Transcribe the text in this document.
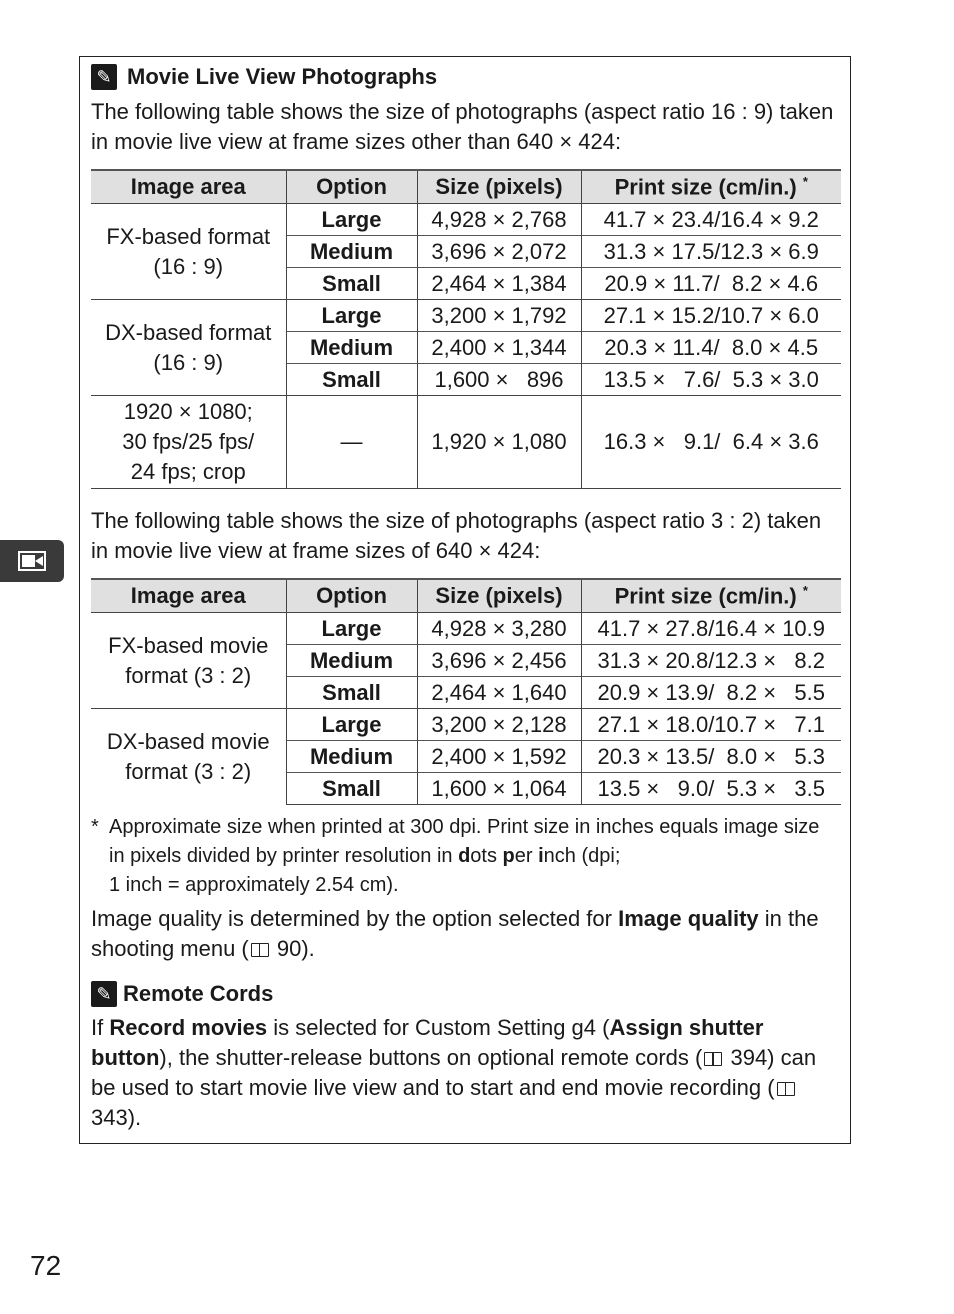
✎ Movie Live View Photographs

The following table shows the size of photographs (aspect ratio 16 : 9) taken in movie live view at frame sizes other than 640 × 424:

Image area	Option	Size (pixels)	Print size (cm/in.) *
FX-based format (16 : 9)	Large	4,928 × 2,768	41.7 × 23.4/16.4 × 9.2
	Medium	3,696 × 2,072	31.3 × 17.5/12.3 × 6.9
	Small	2,464 × 1,384	20.9 × 11.7/  8.2 × 4.6
DX-based format (16 : 9)	Large	3,200 × 1,792	27.1 × 15.2/10.7 × 6.0
	Medium	2,400 × 1,344	20.3 × 11.4/  8.0 × 4.5
	Small	1,600 ×   896	13.5 ×   7.6/  5.3 × 3.0

1920 × 1080;
30 fps/25 fps/
24 fps; crop	—	1,920 × 1,080	16.3 ×   9.1/  6.4 × 3.6

The following table shows the size of photographs (aspect ratio 3 : 2) taken in movie live view at frame sizes of 640 × 424:

Image area	Option	Size (pixels)	Print size (cm/in.) *
FX-based movie format (3 : 2)	Large	4,928 × 3,280	41.7 × 27.8/16.4 × 10.9
	Medium	3,696 × 2,456	31.3 × 20.8/12.3 ×   8.2
	Small	2,464 × 1,640	20.9 × 13.9/  8.2 ×   5.5
DX-based movie format (3 : 2)	Large	3,200 × 2,128	27.1 × 18.0/10.7 ×   7.1
	Medium	2,400 × 1,592	20.3 × 13.5/  8.0 ×   5.3
	Small	1,600 × 1,064	13.5 ×   9.0/  5.3 ×   3.5
* Approximate size when printed at 300 dpi. Print size in inches equals image size in pixels divided by printer resolution in dots per inch (dpi;
1 inch = approximately 2.54 cm).

Image quality is determined by the option selected for Image quality in the shooting menu ( 90).

✎ Remote Cords

If Record movies is selected for Custom Setting g4 (Assign shutter button), the shutter-release buttons on optional remote cords ( 394) can be used to start movie live view and to start and end movie recording ( 343).

72
